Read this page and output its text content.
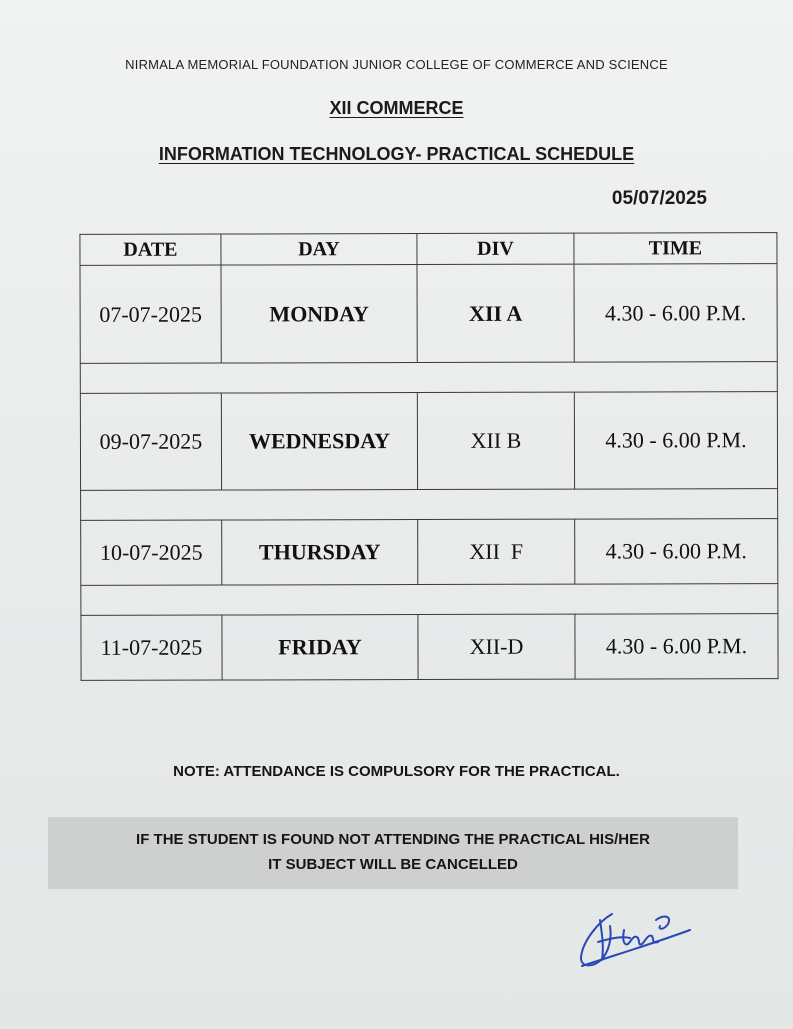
NIRMALA MEMORIAL FOUNDATION JUNIOR COLLEGE OF COMMERCE AND SCIENCE
XII COMMERCE
INFORMATION TECHNOLOGY- PRACTICAL SCHEDULE
05/07/2025
DATE	DAY	DIV	TIME
07-07-2025	MONDAY	XII A	4.30 - 6.00 P.M.

09-07-2025	WEDNESDAY	XII B	4.30 - 6.00 P.M.

10-07-2025	THURSDAY	XII  F	4.30 - 6.00 P.M.

11-07-2025	FRIDAY	XII-D	4.30 - 6.00 P.M.
NOTE: ATTENDANCE IS COMPULSORY FOR THE PRACTICAL.
IF THE STUDENT IS FOUND NOT ATTENDING THE PRACTICAL HIS/HER
IT SUBJECT WILL BE CANCELLED
